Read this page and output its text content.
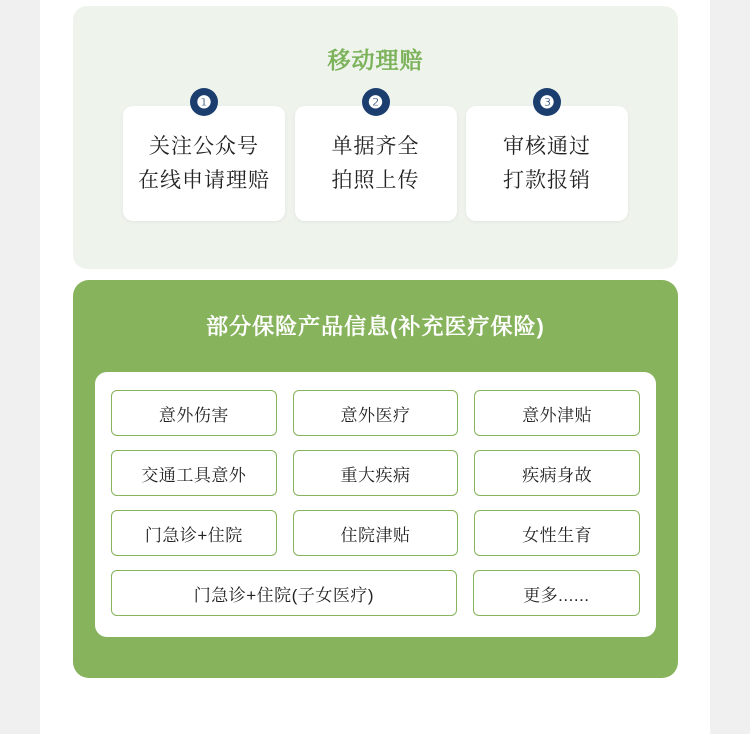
移动理赔
❶
关注公众号
在线申请理赔
❷
单据齐全
拍照上传
❸
审核通过
打款报销
部分保险产品信息(补充医疗保险)
意外伤害	意外医疗	意外津贴
交通工具意外	重大疾病	疾病身故
门急诊+住院	住院津贴	女性生育
门急诊+住院(子女医疗)	更多......
